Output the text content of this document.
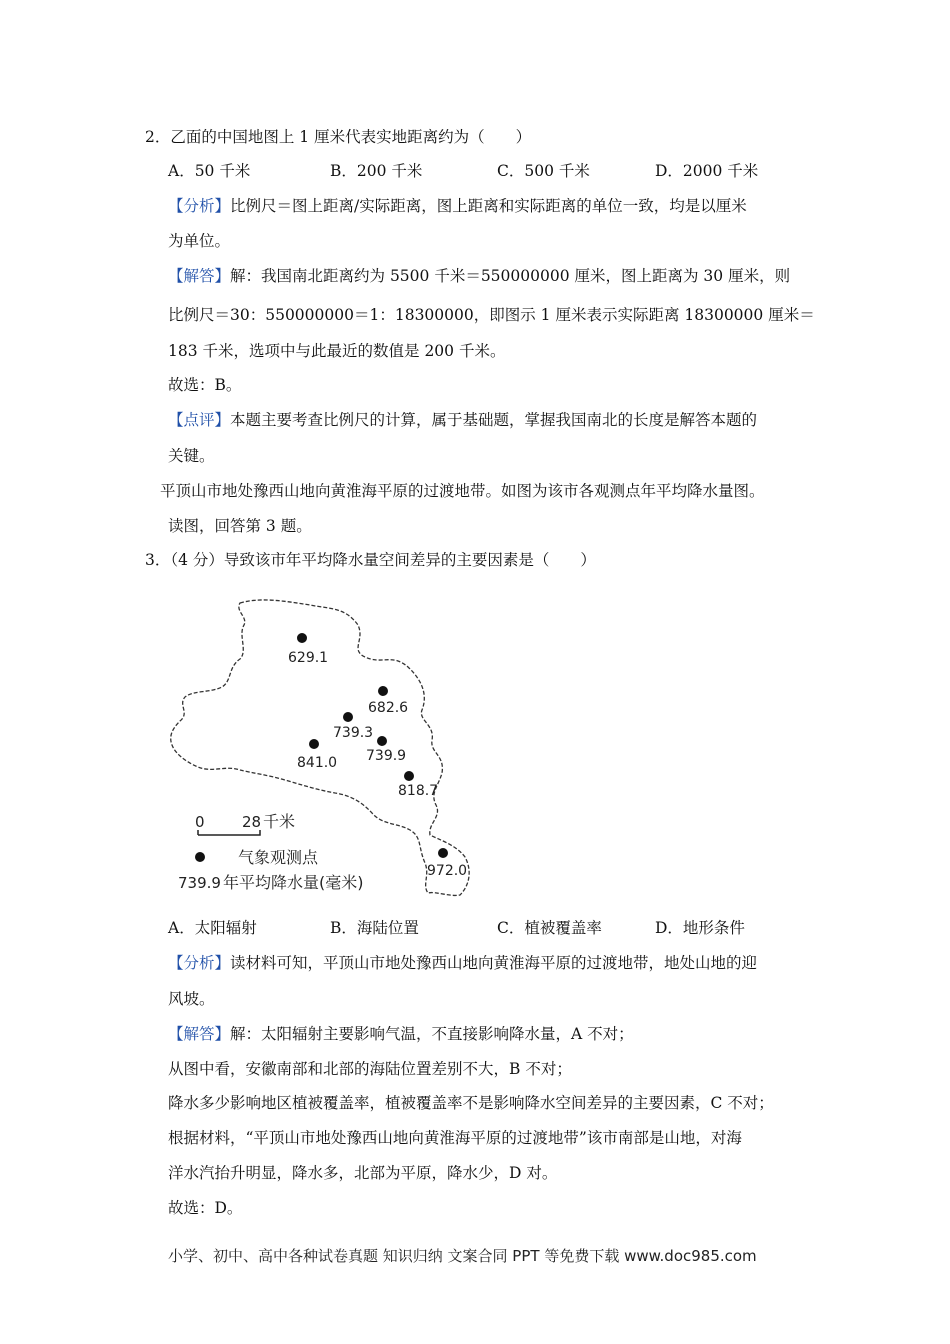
2．乙面的中国地图上 1 厘米代表实地距离约为（　　）
A．50 千米	B．200 千米	C．500 千米	D．2000 千米
【分析】比例尺＝图上距离/实际距离，图上距离和实际距离的单位一致，均是以厘米
为单位。
【解答】解：我国南北距离约为 5500 千米＝550000000 厘米，图上距离为 30 厘米，则
比例尺＝30：550000000＝1：18300000，即图示 1 厘米表示实际距离 18300000 厘米＝
183 千米，选项中与此最近的数值是 200 千米。
故选：B。
【点评】本题主要考查比例尺的计算，属于基础题，掌握我国南北的长度是解答本题的
关键。
平顶山市地处豫西山地向黄淮海平原的过渡地带。如图为该市各观测点年平均降水量图。
读图，回答第 3 题。
3．（4 分）导致该市年平均降水量空间差异的主要因素是（　　）
629.1
682.6
739.3
739.9
841.0
818.7
972.0
0 28 千米
气象观测点
739.9 年平均降水量(毫米)
A．太阳辐射	B．海陆位置	C．植被覆盖率	D．地形条件
【分析】读材料可知，平顶山市地处豫西山地向黄淮海平原的过渡地带，地处山地的迎
风坡。
【解答】解：太阳辐射主要影响气温，不直接影响降水量，A 不对；
从图中看，安徽南部和北部的海陆位置差别不大，B 不对；
降水多少影响地区植被覆盖率，植被覆盖率不是影响降水空间差异的主要因素，C 不对；
根据材料，“平顶山市地处豫西山地向黄淮海平原的过渡地带”该市南部是山地，对海
洋水汽抬升明显，降水多，北部为平原，降水少，D 对。
故选：D。
小学、初中、高中各种试卷真题 知识归纳 文案合同 PPT 等免费下载 www.doc985.com
